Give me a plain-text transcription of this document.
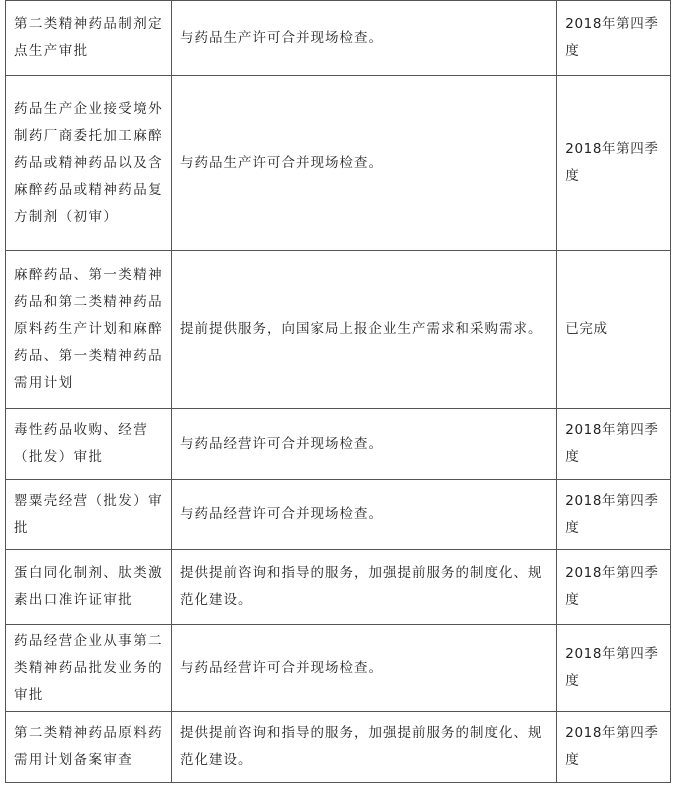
第二类精神药品制剂定点生产审批	与药品生产许可合并现场检查。	2018年第四季度
药品生产企业接受境外制药厂商委托加工麻醉药品或精神药品以及含麻醉药品或精神药品复方制剂（初审）	与药品生产许可合并现场检查。	2018年第四季度
麻醉药品、第一类精神药品和第二类精神药品原料药生产计划和麻醉药品、第一类精神药品需用计划	提前提供服务，向国家局上报企业生产需求和采购需求。	已完成
毒性药品收购、经营（批发）审批	与药品经营许可合并现场检查。	2018年第四季度
罂粟壳经营（批发）审批	与药品经营许可合并现场检查。	2018年第四季度
蛋白同化制剂、肽类激素出口准许证审批	提供提前咨询和指导的服务，加强提前服务的制度化、规范化建设。	2018年第四季度
药品经营企业从事第二类精神药品批发业务的审批	与药品经营许可合并现场检查。	2018年第四季度
第二类精神药品原料药需用计划备案审查	提供提前咨询和指导的服务，加强提前服务的制度化、规范化建设。	2018年第四季度
